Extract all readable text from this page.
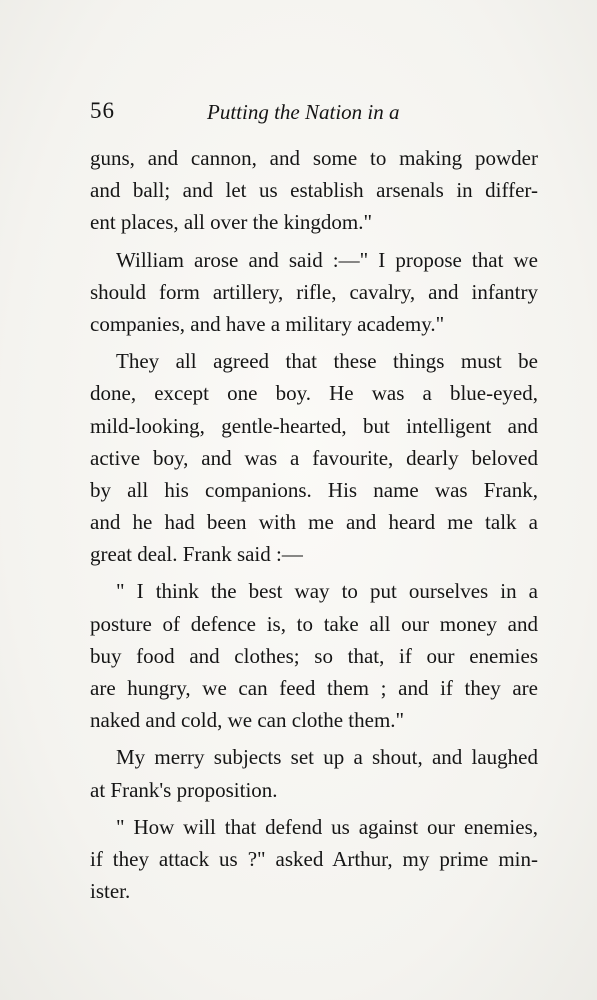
56	Putting the Nation in a
guns, and cannon, and some to making powder
and ball; and let us establish arsenals in differ-
ent places, all over the kingdom."
William arose and said :—" I propose that we
should form artillery, rifle, cavalry, and infantry
companies, and have a military academy."
They all agreed that these things must be
done, except one boy. He was a blue-eyed,
mild-looking, gentle-hearted, but intelligent and
active boy, and was a favourite, dearly beloved
by all his companions. His name was Frank,
and he had been with me and heard me talk a
great deal. Frank said :—
" I think the best way to put ourselves in a
posture of defence is, to take all our money and
buy food and clothes; so that, if our enemies
are hungry, we can feed them ; and if they are
naked and cold, we can clothe them."
My merry subjects set up a shout, and laughed
at Frank's proposition.
" How will that defend us against our enemies,
if they attack us ?" asked Arthur, my prime min-
ister.
